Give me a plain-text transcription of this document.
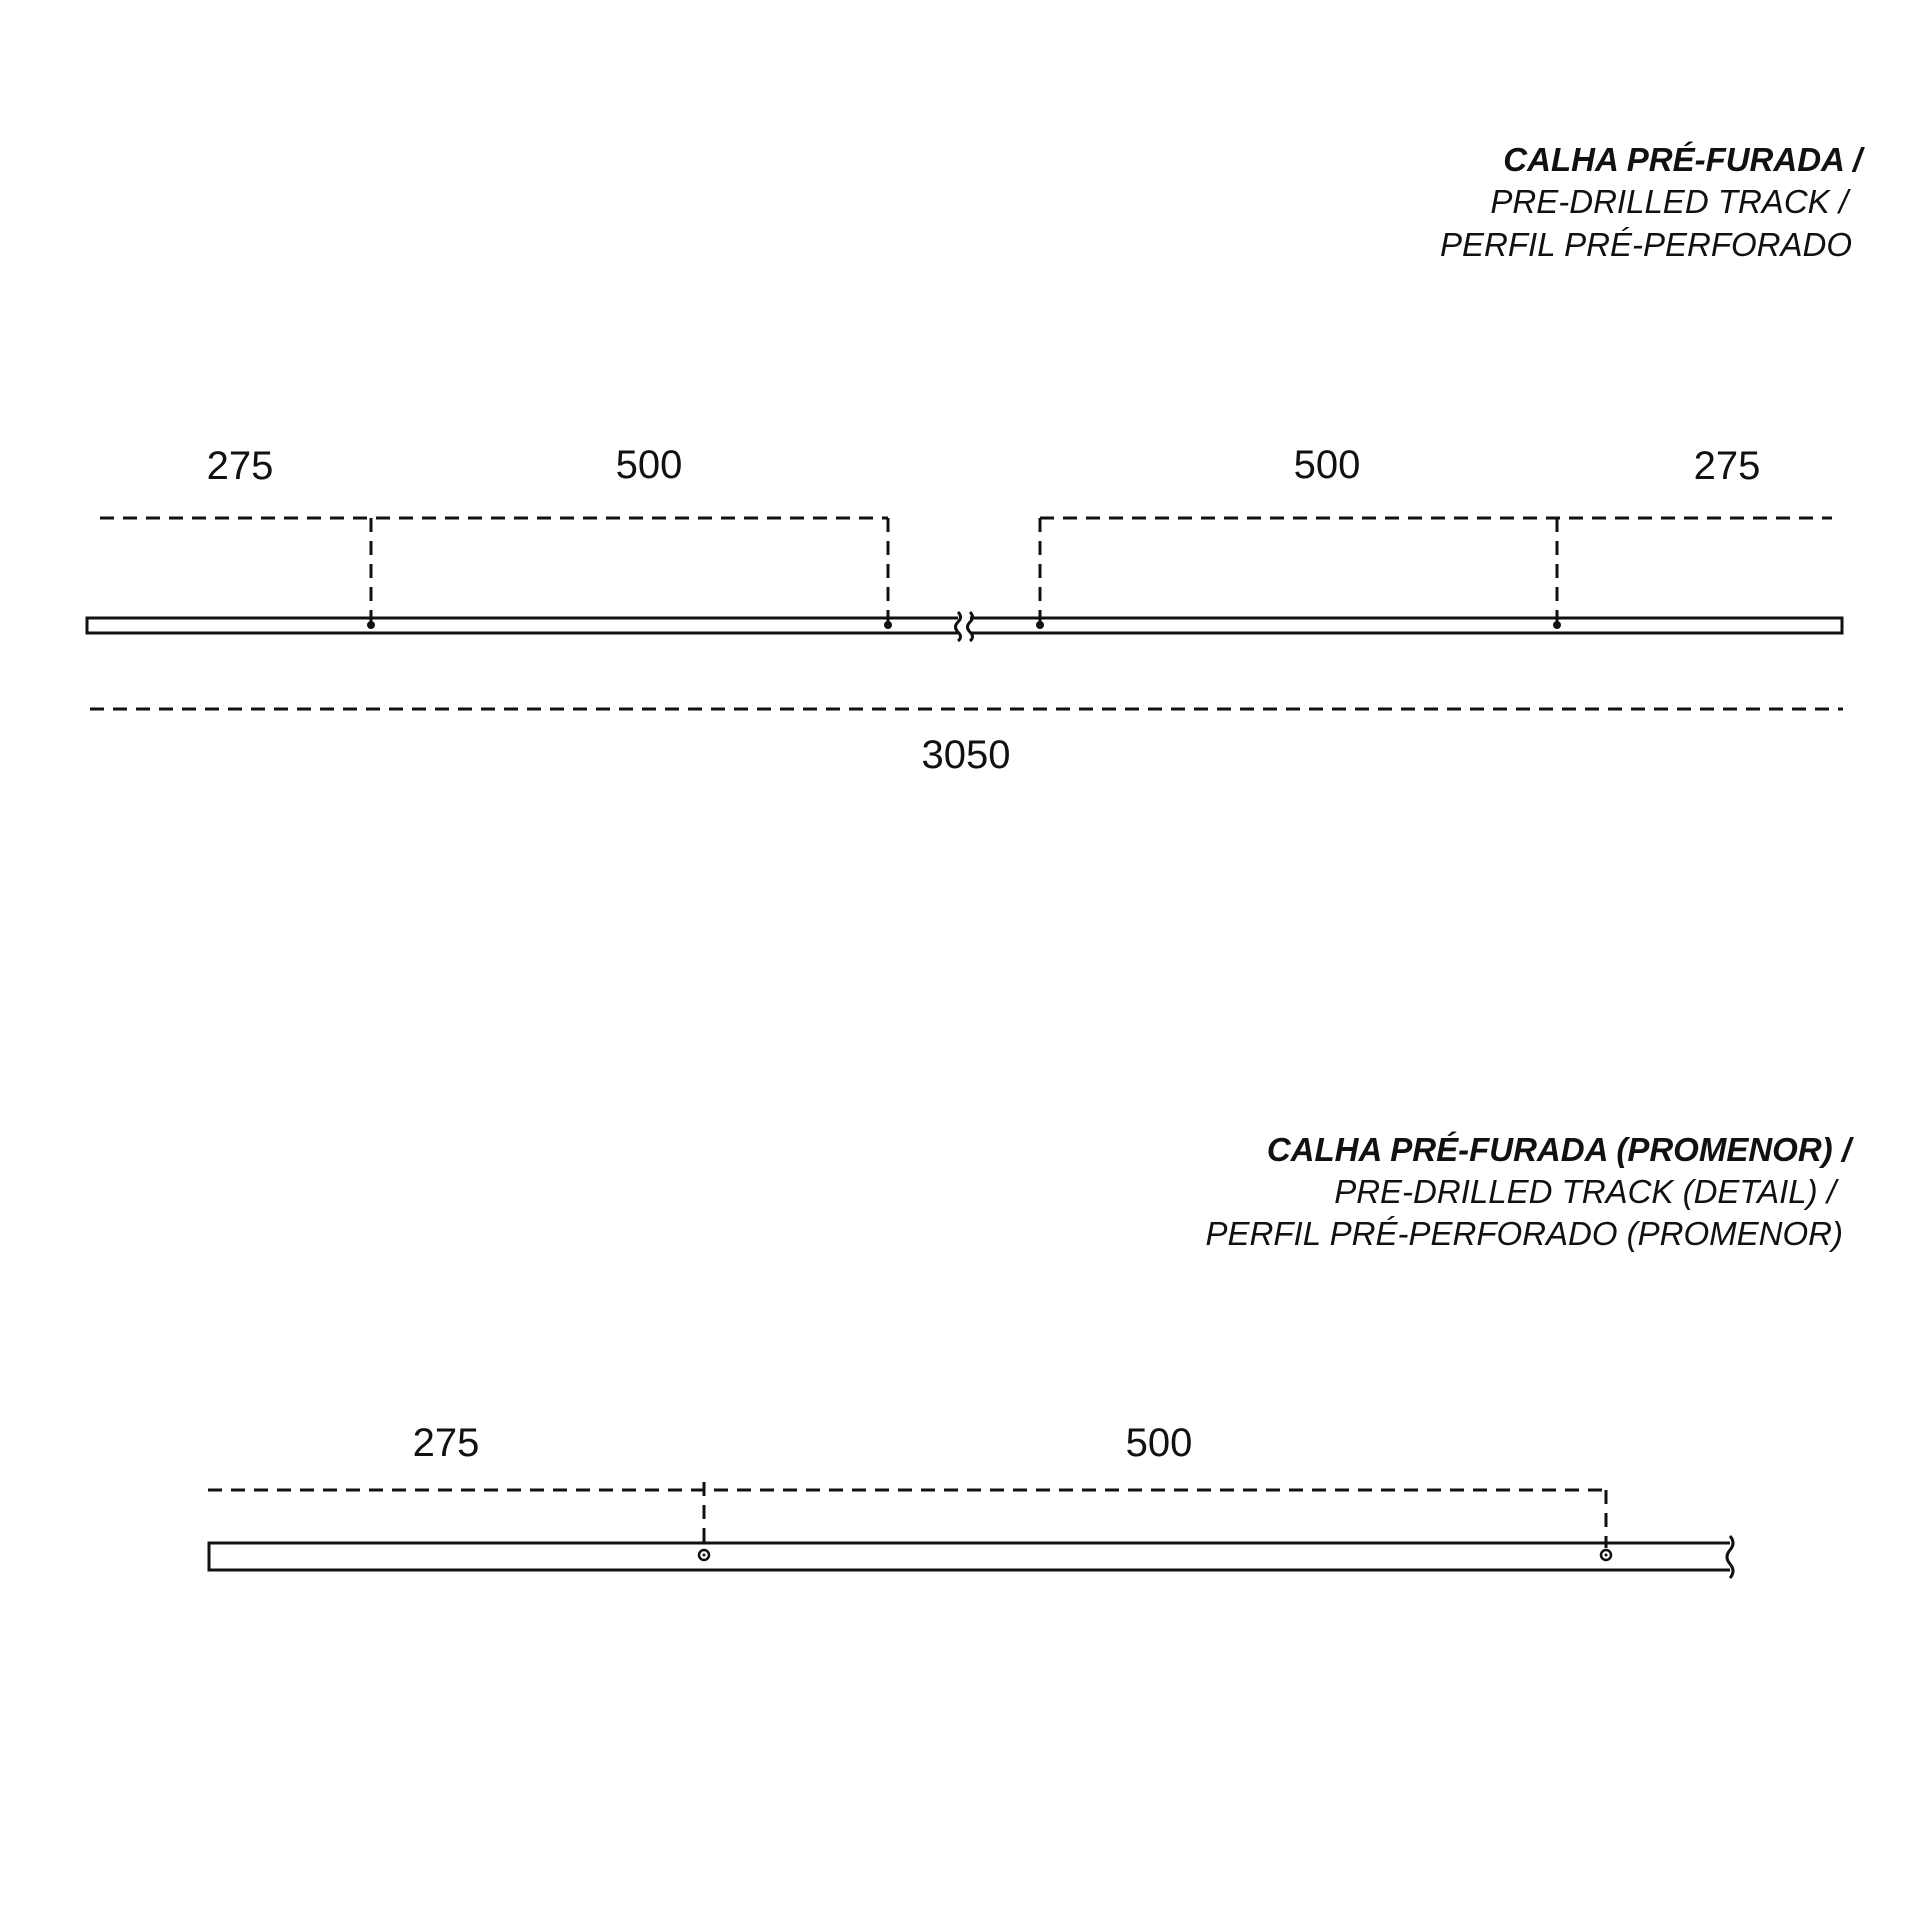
CALHA PRÉ-FURADA /
PRE-DRILLED TRACK /
PERFIL PRÉ-PERFORADO
275	500	500	275
3050
CALHA PRÉ-FURADA (PROMENOR) /
PRE-DRILLED TRACK (DETAIL) /
PERFIL PRÉ-PERFORADO (PROMENOR)
275	500
